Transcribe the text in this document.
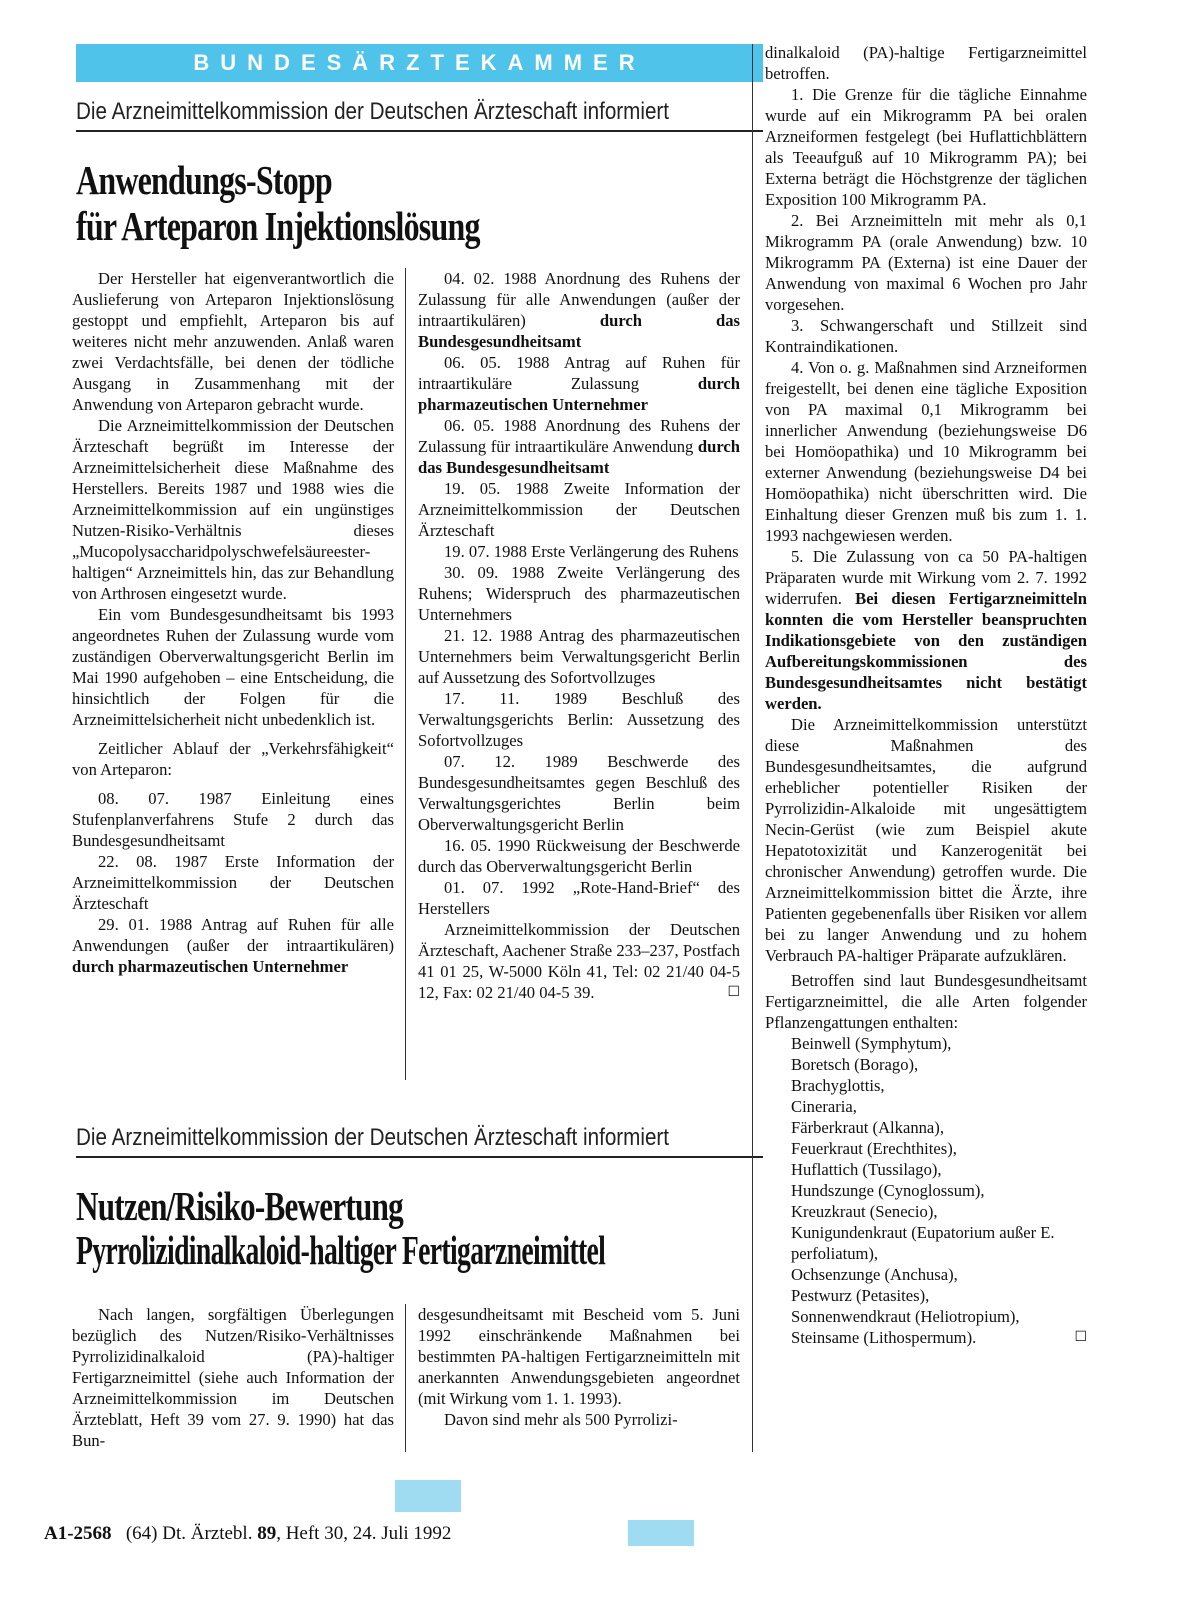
BUNDESÄRZTEKAMMER
Die Arzneimittelkommission der Deutschen Ärzteschaft informiert
Anwendungs-Stopp
für Arteparon Injektionslösung

Der Hersteller hat eigenverantwortlich die Auslieferung von Arteparon Injektionslösung gestoppt und empfiehlt, Arteparon bis auf weiteres nicht mehr anzuwenden. Anlaß waren zwei Verdachtsfälle, bei denen der tödliche Ausgang in Zusammenhang mit der Anwendung von Arteparon gebracht wurde.

Die Arzneimittelkommission der Deutschen Ärzteschaft begrüßt im Interesse der Arzneimittelsicherheit diese Maßnahme des Herstellers. Bereits 1987 und 1988 wies die Arzneimittelkommission auf ein ungünstiges Nutzen-Risiko-Verhältnis dieses „Mucopolysaccharidpolyschwefelsäureester-haltigen“ Arzneimittels hin, das zur Behandlung von Arthrosen eingesetzt wurde.

Ein vom Bundesgesundheitsamt bis 1993 angeordnetes Ruhen der Zulassung wurde vom zuständigen Oberverwaltungsgericht Berlin im Mai 1990 aufgehoben – eine Entscheidung, die hinsichtlich der Folgen für die Arzneimittelsicherheit nicht unbedenklich ist.

Zeitlicher Ablauf der „Verkehrsfähigkeit“ von Arteparon:

08. 07. 1987 Einleitung eines Stufenplanverfahrens Stufe 2 durch das Bundesgesundheitsamt

22. 08. 1987 Erste Information der Arzneimittelkommission der Deutschen Ärzteschaft

29. 01. 1988 Antrag auf Ruhen für alle Anwendungen (außer der intraartikulären) durch pharmazeutischen Unternehmer

04. 02. 1988 Anordnung des Ruhens der Zulassung für alle Anwendungen (außer der intraartikulären) durch das Bundesgesundheitsamt

06. 05. 1988 Antrag auf Ruhen für intraartikuläre Zulassung durch pharmazeutischen Unternehmer

06. 05. 1988 Anordnung des Ruhens der Zulassung für intraartikuläre Anwendung durch das Bundesgesundheitsamt

19. 05. 1988 Zweite Information der Arzneimittelkommission der Deutschen Ärzteschaft

19. 07. 1988 Erste Verlängerung des Ruhens

30. 09. 1988 Zweite Verlängerung des Ruhens; Widerspruch des pharmazeutischen Unternehmers

21. 12. 1988 Antrag des pharmazeutischen Unternehmers beim Verwaltungsgericht Berlin auf Aussetzung des Sofortvollzuges

17. 11. 1989 Beschluß des Verwaltungsgerichts Berlin: Aussetzung des Sofortvollzuges

07. 12. 1989 Beschwerde des Bundesgesundheitsamtes gegen Beschluß des Verwaltungsgerichtes Berlin beim Oberverwaltungsgericht Berlin

16. 05. 1990 Rückweisung der Beschwerde durch das Oberverwaltungsgericht Berlin

01. 07. 1992 „Rote-Hand-Brief“ des Herstellers

Arzneimittelkommission der Deutschen Ärzteschaft, Aachener Straße 233–237, Postfach 41 01 25, W-5000 Köln 41, Tel: 02 21/40 04-5 12, Fax: 02 21/40 04-5 39.	☐

Die Arzneimittelkommission der Deutschen Ärzteschaft informiert
Nutzen/Risiko-Bewertung
Pyrrolizidinalkaloid-haltiger Fertigarzneimittel

Nach langen, sorgfältigen Überlegungen bezüglich des Nutzen/Risiko-Verhältnisses Pyrrolizidinalkaloid (PA)-haltiger Fertigarzneimittel (siehe auch Information der Arzneimittelkommission im Deutschen Ärzteblatt, Heft 39 vom 27. 9. 1990) hat das Bun-

desgesundheitsamt mit Bescheid vom 5. Juni 1992 einschränkende Maßnahmen bei bestimmten PA-haltigen Fertigarzneimitteln mit anerkannten Anwendungsgebieten angeordnet (mit Wirkung vom 1. 1. 1993).

Davon sind mehr als 500 Pyrrolizi-

dinalkaloid (PA)-haltige Fertigarzneimittel betroffen.

1. Die Grenze für die tägliche Einnahme wurde auf ein Mikrogramm PA bei oralen Arzneiformen festgelegt (bei Huflattichblättern als Teeaufguß auf 10 Mikrogramm PA); bei Externa beträgt die Höchstgrenze der täglichen Exposition 100 Mikrogramm PA.

2. Bei Arzneimitteln mit mehr als 0,1 Mikrogramm PA (orale Anwendung) bzw. 10 Mikrogramm PA (Externa) ist eine Dauer der Anwendung von maximal 6 Wochen pro Jahr vorgesehen.

3. Schwangerschaft und Stillzeit sind Kontraindikationen.

4. Von o. g. Maßnahmen sind Arzneiformen freigestellt, bei denen eine tägliche Exposition von PA maximal 0,1 Mikrogramm bei innerlicher Anwendung (beziehungsweise D6 bei Homöopathika) und 10 Mikrogramm bei externer Anwendung (beziehungsweise D4 bei Homöopathika) nicht überschritten wird. Die Einhaltung dieser Grenzen muß bis zum 1. 1. 1993 nachgewiesen werden.

5. Die Zulassung von ca 50 PA-haltigen Präparaten wurde mit Wirkung vom 2. 7. 1992 widerrufen. Bei diesen Fertigarzneimitteln konnten die vom Hersteller beanspruchten Indikationsgebiete von den zuständigen Aufbereitungskommissionen des Bundesgesundheitsamtes nicht bestätigt werden.

Die Arzneimittelkommission unterstützt diese Maßnahmen des Bundesgesundheitsamtes, die aufgrund erheblicher potentieller Risiken der Pyrrolizidin-Alkaloide mit ungesättigtem Necin-Gerüst (wie zum Beispiel akute Hepatotoxizität und Kanzerogenität bei chronischer Anwendung) getroffen wurde. Die Arzneimittelkommission bittet die Ärzte, ihre Patienten gegebenenfalls über Risiken vor allem bei zu langer Anwendung und zu hohem Verbrauch PA-haltiger Präparate aufzuklären.

Betroffen sind laut Bundesgesundheitsamt Fertigarzneimittel, die alle Arten folgender Pflanzengattungen enthalten:

Beinwell (Symphytum),
Boretsch (Borago),
Brachyglottis,
Cineraria,
Färberkraut (Alkanna),
Feuerkraut (Erechthites),
Huflattich (Tussilago),
Hundszunge (Cynoglossum),
Kreuzkraut (Senecio),
Kunigundenkraut (Eupatorium außer E. perfoliatum),
Ochsenzunge (Anchusa),
Pestwurz (Petasites),
Sonnenwendkraut (Heliotropium),
Steinsame (Lithospermum).	☐
A1-2568 (64) Dt. Ärztebl. 89, Heft 30, 24. Juli 1992
